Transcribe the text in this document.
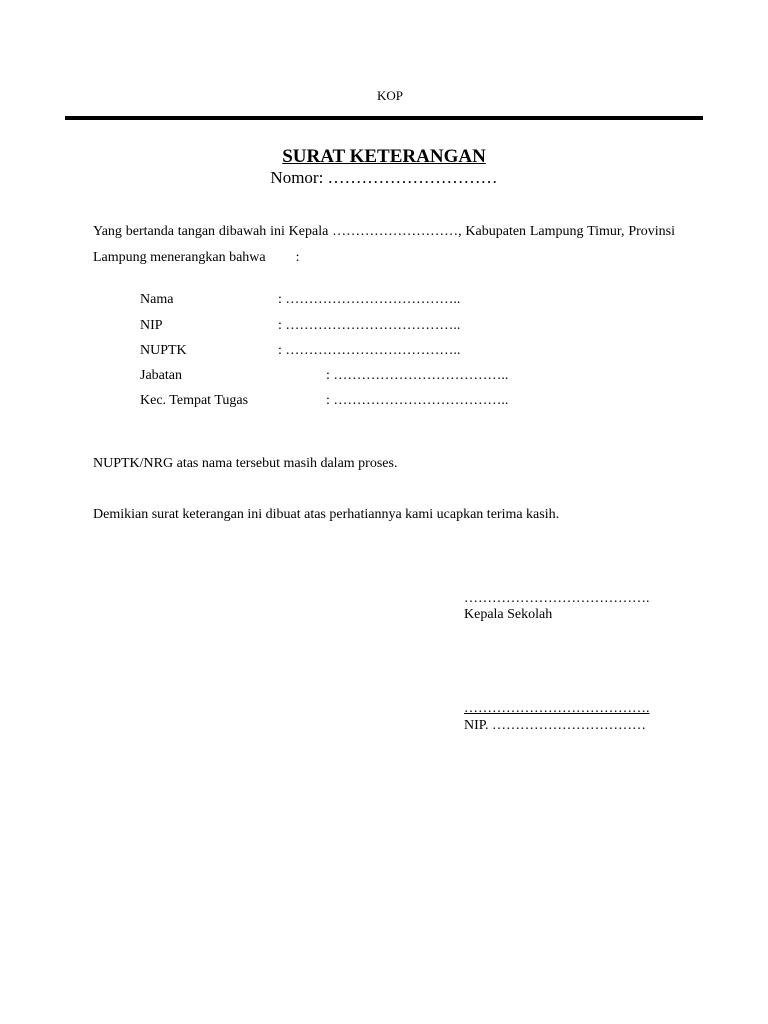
KOP
SURAT KETERANGAN
Nomor: …………………………
Yang bertanda tangan dibawah ini Kepala ………………………, Kabupaten Lampung Timur, Provinsi Lampung menerangkan bahwa :
Nama	: ………………………………..
NIP	: ………………………………..
NUPTK	: ………………………………..
Jabatan	: ………………………………..
Kec. Tempat Tugas	: ………………………………..
NUPTK/NRG atas nama tersebut masih dalam proses.
Demikian surat keterangan ini dibuat atas perhatiannya kami ucapkan terima kasih.
………………………………….
Kepala Sekolah
………………………………….
NIP. ……………………………
